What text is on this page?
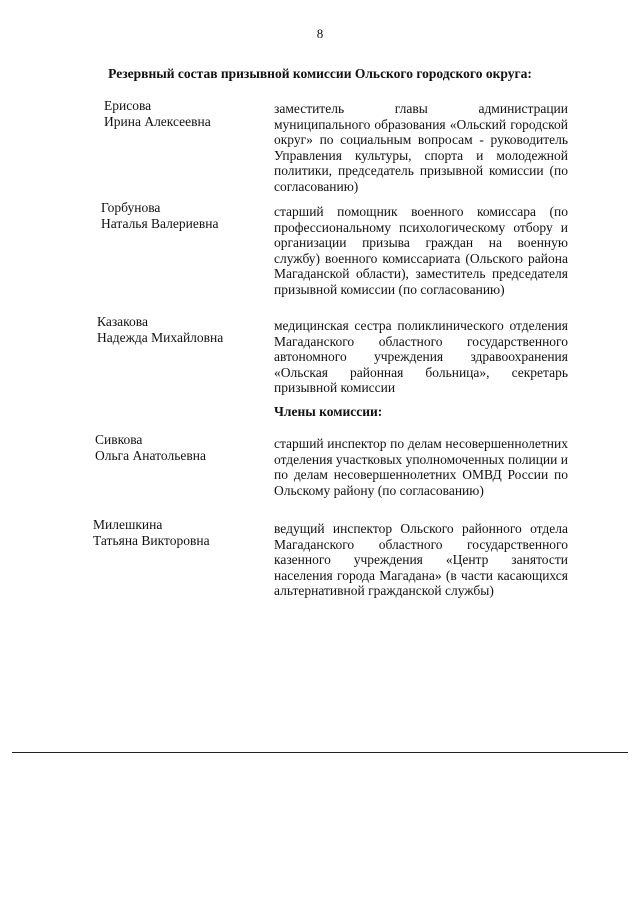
8
Резервный состав призывной комиссии Ольского городского округа:
Ерисова
Ирина Алексеевна
заместитель главы администрации муниципального образования «Ольский городской округ» по социальным вопросам - руководитель Управления культуры, спорта и молодежной политики, председатель призывной комиссии (по согласованию)
Горбунова
Наталья Валериевна
старший помощник военного комиссара (по профессиональному психологическому отбору и организации призыва граждан на военную службу) военного комиссариата (Ольского района Магаданской области), заместитель председателя призывной комиссии (по согласованию)
Казакова
Надежда Михайловна
медицинская сестра поликлинического отделения Магаданского областного государственного автономного учреждения здравоохранения «Ольская районная больница», секретарь призывной комиссии
Члены комиссии:
Сивкова
Ольга Анатольевна
старший инспектор по делам несовершеннолетних отделения участковых уполномоченных полиции и по делам несовершеннолетних ОМВД России по Ольскому району (по согласованию)
Милешкина
Татьяна Викторовна
ведущий инспектор Ольского районного отдела Магаданского областного государственного казенного учреждения «Центр занятости населения города Магадана» (в части касающихся альтернативной гражданской службы)
